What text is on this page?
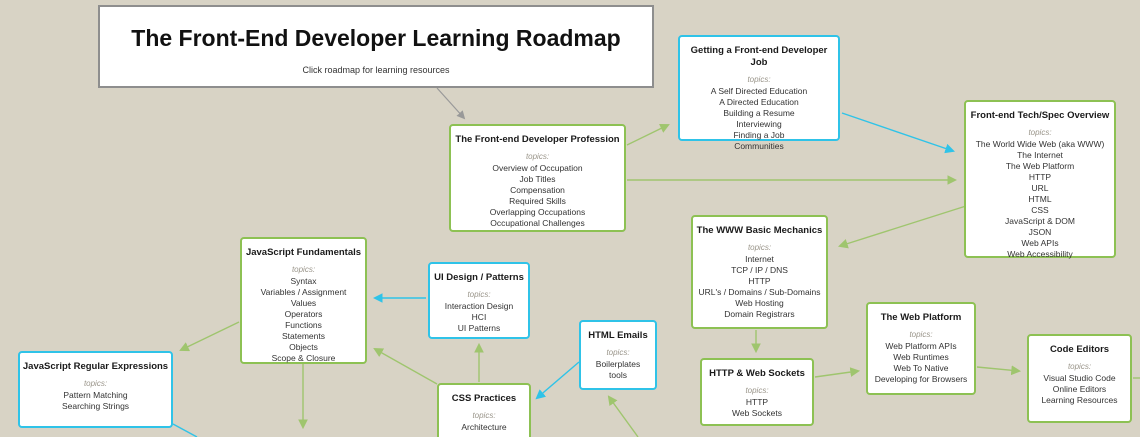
The Front-End Developer Learning Roadmap
Click roadmap for learning resources
Getting a Front-end Developer Job
topics:
A Self Directed Education
A Directed Education
Building a Resume
Interviewing
Finding a Job
Communities
Front-end Tech/Spec Overview
topics:
The World Wide Web (aka WWW)
The Internet
The Web Platform
HTTP
URL
HTML
CSS
JavaScript & DOM
JSON
Web APIs
Web Accessibility
The Front-end Developer Profession
topics:
Overview of Occupation
Job Titles
Compensation
Required Skills
Overlapping Occupations
Occupational Challenges
The WWW Basic Mechanics
topics:
Internet
TCP / IP / DNS
HTTP
URL's / Domains / Sub-Domains
Web Hosting
Domain Registrars
JavaScript Fundamentals
topics:
Syntax
Variables / Assignment
Values
Operators
Functions
Statements
Objects
Scope & Closure
UI Design / Patterns
topics:
Interaction Design
HCI
UI Patterns
HTML Emails
topics:
Boilerplates
tools
JavaScript Regular Expressions
topics:
Pattern Matching
Searching Strings
CSS Practices
topics:
Architecture
HTTP & Web Sockets
topics:
HTTP
Web Sockets
The Web Platform
topics:
Web Platform APIs
Web Runtimes
Web To Native
Developing for Browsers
Code Editors
topics:
Visual Studio Code
Online Editors
Learning Resources
